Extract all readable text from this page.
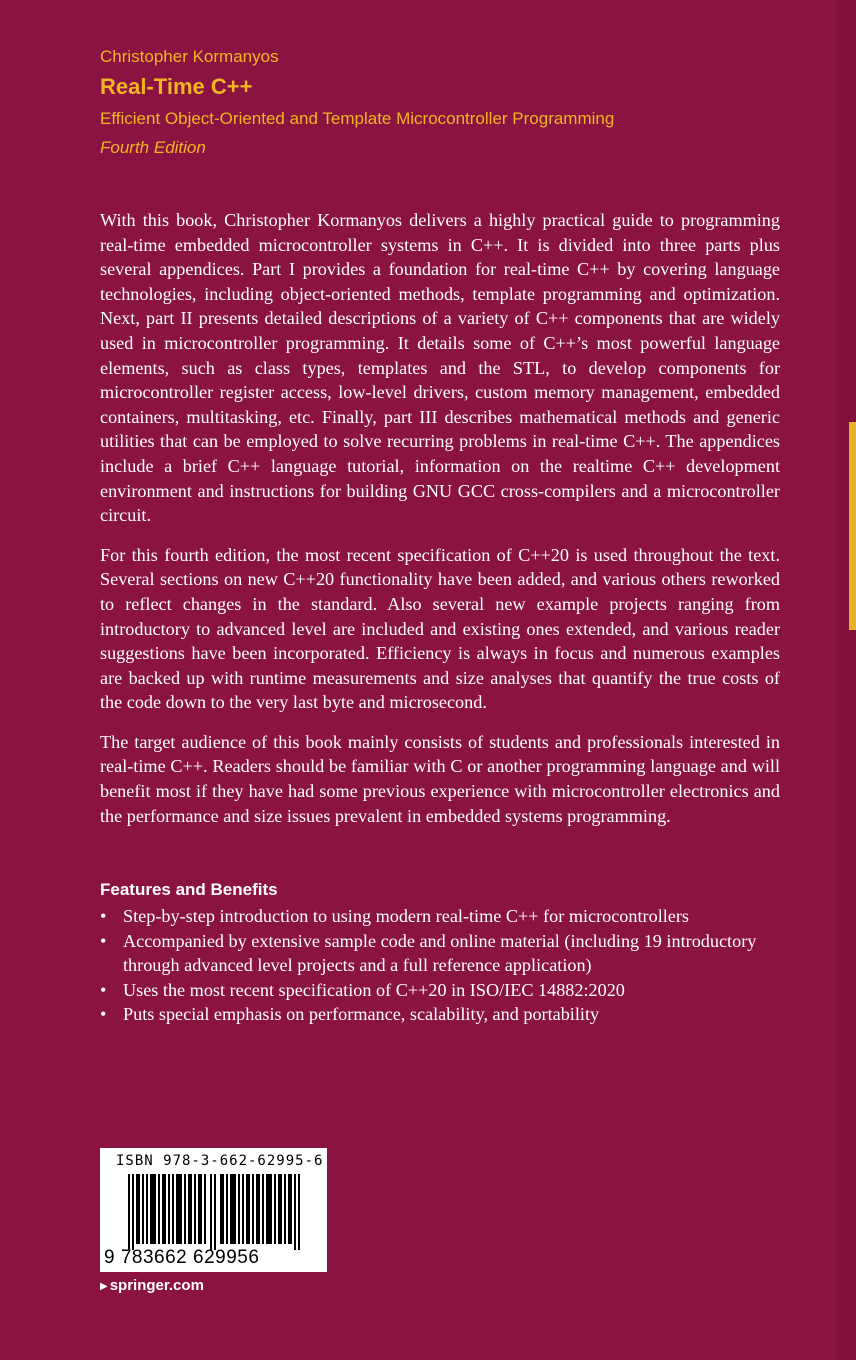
Christopher Kormanyos
Real-Time C++
Efficient Object-Oriented and Template Microcontroller Programming
Fourth Edition

With this book, Christopher Kormanyos delivers a highly practical guide to programming real-time embedded microcontroller systems in C++. It is divided into three parts plus several appendices. Part I provides a foundation for real-time C++ by covering language technologies, including object-oriented methods, template programming and optimization. Next, part II presents detailed descriptions of a variety of C++ components that are widely used in microcontroller programming. It details some of C++’s most powerful language elements, such as class types, templates and the STL, to develop components for microcontroller register access, low-level drivers, custom memory management, embedded containers, multitasking, etc. Finally, part III describes mathematical methods and generic utilities that can be employed to solve recurring problems in real-time C++. The appendices include a brief C++ language tutorial, information on the realtime C++ development environment and instructions for building GNU GCC cross-compilers and a microcontroller circuit.

For this fourth edition, the most recent specification of C++20 is used throughout the text. Several sections on new C++20 functionality have been added, and various others reworked to reflect changes in the standard. Also several new example projects ranging from introductory to advanced level are included and existing ones extended, and various reader suggestions have been incorporated. Efficiency is always in focus and numerous examples are backed up with runtime measurements and size analyses that quantify the true costs of the code down to the very last byte and microsecond.

The target audience of this book mainly consists of students and professionals interested in real-time C++. Readers should be familiar with C or another programming language and will benefit most if they have had some previous experience with microcontroller electronics and the performance and size issues prevalent in embedded systems programming.

Features and Benefits
• Step-by-step introduction to using modern real-time C++ for microcontrollers
• Accompanied by extensive sample code and online material (including 19 introductory through advanced level projects and a full reference application)
• Uses the most recent specification of C++20 in ISO/IEC 14882:2020
• Puts special emphasis on performance, scalability, and portability
ISBN 978-3-662-62995-6
9 783662 629956
▶ springer.com
